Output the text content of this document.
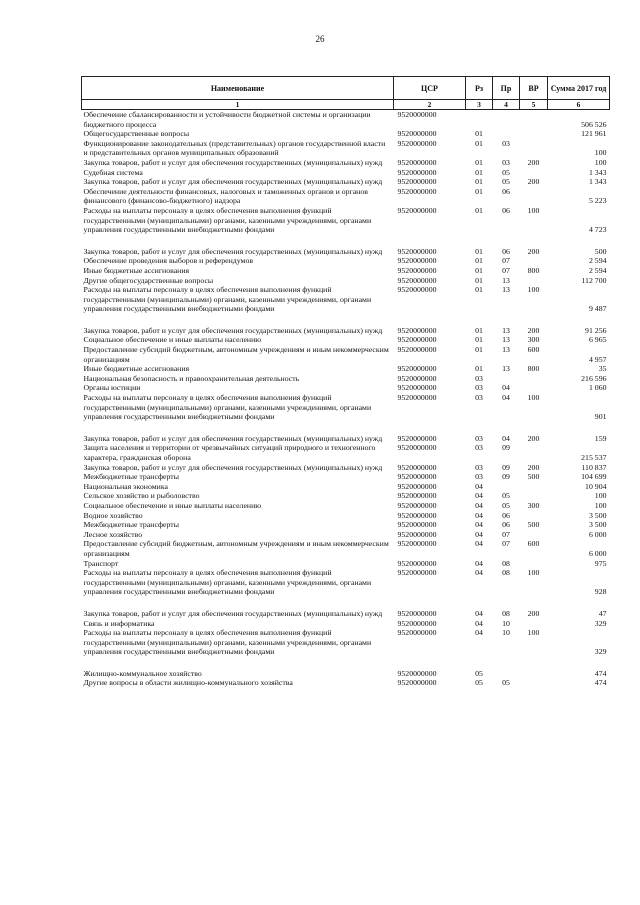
26
Наименование	ЦСР	Рз	Пр	ВР	Сумма 2017 год
1	2	3	4	5	6
Обеспечение сбалансированности и устойчивости бюджетной системы и организации бюджетного процесса	9520000000				506 526
Общегосударственные вопросы	9520000000	01			121 961
Функционирование законодательных (представительных) органов государственной власти и представительных органов муниципальных образований	9520000000	01	03		100
Закупка товаров, работ и услуг для обеспечения государственных (муниципальных) нужд	9520000000	01	03	200	100
Судебная система	9520000000	01	05		1 343
Закупка товаров, работ и услуг для обеспечения государственных (муниципальных) нужд	9520000000	01	05	200	1 343
Обеспечение деятельности финансовых, налоговых и таможенных органов и органов финансового (финансово-бюджетного) надзора	9520000000	01	06		5 223
Расходы на выплаты персоналу в целях обеспечения выполнения функций государственными (муниципальными) органами, казенными учреждениями, органами управления государственными внебюджетными фондами	9520000000	01	06	100	4 723

Закупка товаров, работ и услуг для обеспечения государственных (муниципальных) нужд	9520000000	01	06	200	500
Обеспечение проведения выборов и референдумов	9520000000	01	07		2 594
Иные бюджетные ассигнования	9520000000	01	07	800	2 594
Другие общегосударственные вопросы	9520000000	01	13		112 700
Расходы на выплаты персоналу в целях обеспечения выполнения функций государственными (муниципальными) органами, казенными учреждениями, органами управления государственными внебюджетными фондами	9520000000	01	13	100	9 487

Закупка товаров, работ и услуг для обеспечения государственных (муниципальных) нужд	9520000000	01	13	200	91 256
Социальное обеспечение и иные выплаты населению	9520000000	01	13	300	6 965
Предоставление субсидий бюджетным, автономным учреждениям и иным некоммерческим организациям	9520000000	01	13	600	4 957
Иные бюджетные ассигнования	9520000000	01	13	800	35
Национальная безопасность и правоохранительная деятельность	9520000000	03			216 596
Органы юстиции	9520000000	03	04		1 060
Расходы на выплаты персоналу в целях обеспечения выполнения функций государственными (муниципальными) органами, казенными учреждениями, органами управления государственными внебюджетными фондами	9520000000	03	04	100	901

Закупка товаров, работ и услуг для обеспечения государственных (муниципальных) нужд	9520000000	03	04	200	159
Защита населения и территории от чрезвычайных ситуаций природного и техногенного характера, гражданская оборона	9520000000	03	09		215 537
Закупка товаров, работ и услуг для обеспечения государственных (муниципальных) нужд	9520000000	03	09	200	110 837
Межбюджетные трансферты	9520000000	03	09	500	104 699
Национальная экономика	9520000000	04			10 904
Сельское хозяйство и рыболовство	9520000000	04	05		100
Социальное обеспечение и иные выплаты населению	9520000000	04	05	300	100
Водное хозяйство	9520000000	04	06		3 500
Межбюджетные трансферты	9520000000	04	06	500	3 500
Лесное хозяйство	9520000000	04	07		6 000
Предоставление субсидий бюджетным, автономным учреждениям и иным некоммерческим организациям	9520000000	04	07	600	6 000
Транспорт	9520000000	04	08		975
Расходы на выплаты персоналу в целях обеспечения выполнения функций государственными (муниципальными) органами, казенными учреждениями, органами управления государственными внебюджетными фондами	9520000000	04	08	100	928

Закупка товаров, работ и услуг для обеспечения государственных (муниципальных) нужд	9520000000	04	08	200	47
Связь и информатика	9520000000	04	10		329
Расходы на выплаты персоналу в целях обеспечения выполнения функций государственными (муниципальными) органами, казенными учреждениями, органами управления государственными внебюджетными фондами	9520000000	04	10	100	329

Жилищно-коммунальное хозяйство	9520000000	05			474
Другие вопросы в области жилищно-коммунального хозяйства	9520000000	05	05		474
